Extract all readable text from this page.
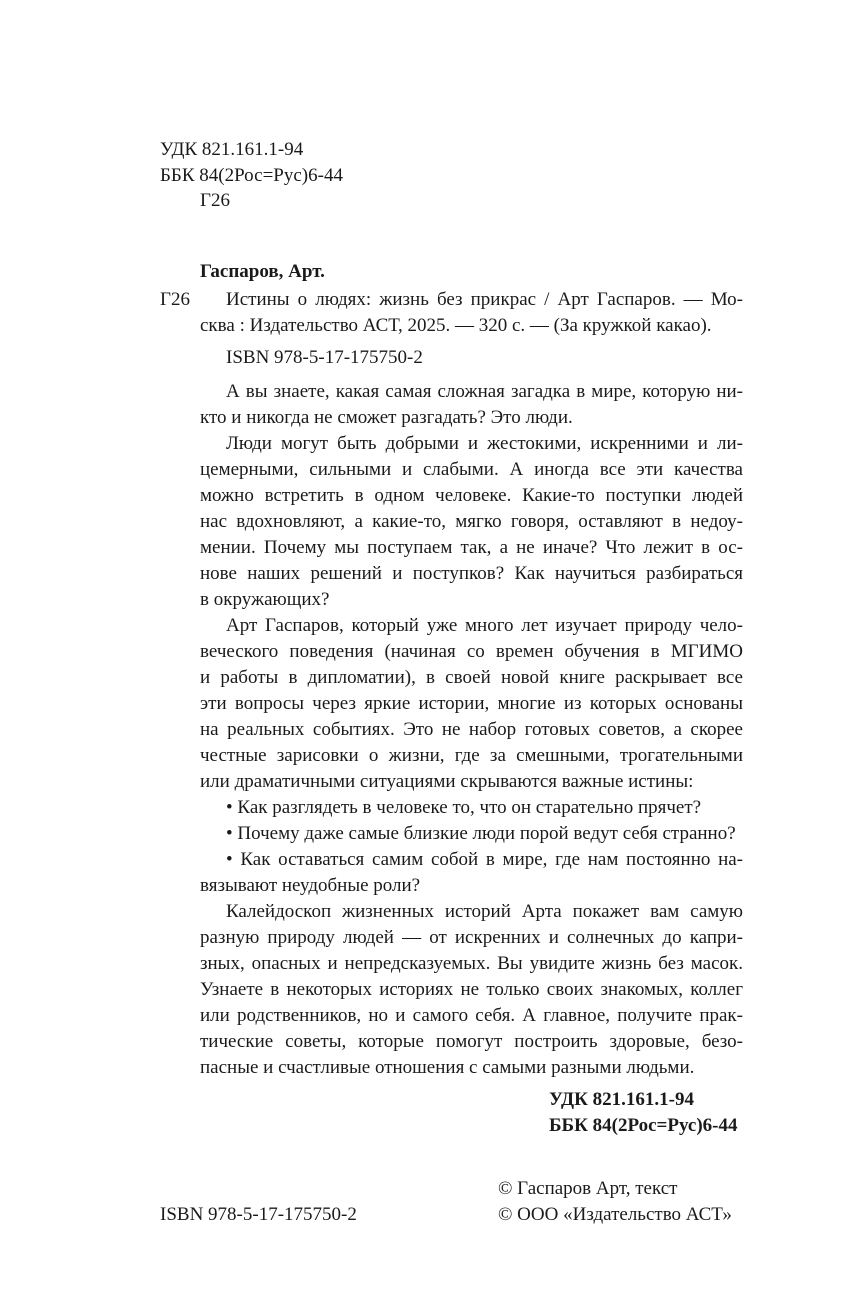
УДК 821.161.1-94
ББК 84(2Рос=Рус)6-44
Г26
Гаспаров, Арт.
Г26	Истины о людях: жизнь без прикрас / Арт Гаспаров. — Мо-
сква : Издательство АСТ, 2025. — 320 с. — (За кружкой какао).
ISBN 978-5-17-175750-2
А вы знаете, какая самая сложная загадка в мире, которую ни-
кто и никогда не сможет разгадать? Это люди.
Люди могут быть добрыми и жестокими, искренними и ли-
цемерными, сильными и слабыми. А иногда все эти качества
можно встретить в одном человеке. Какие-то поступки людей
нас вдохновляют, а какие-то, мягко говоря, оставляют в недоу-
мении. Почему мы поступаем так, а не иначе? Что лежит в ос-
нове наших решений и поступков? Как научиться разбираться
в окружающих?
Арт Гаспаров, который уже много лет изучает природу чело-
веческого поведения (начиная со времен обучения в МГИМО
и работы в дипломатии), в своей новой книге раскрывает все
эти вопросы через яркие истории, многие из которых основаны
на реальных событиях. Это не набор готовых советов, а скорее
честные зарисовки о жизни, где за смешными, трогательными
или драматичными ситуациями скрываются важные истины:
• Как разглядеть в человеке то, что он старательно прячет?
• Почему даже самые близкие люди порой ведут себя странно?
• Как оставаться самим собой в мире, где нам постоянно на-
вязывают неудобные роли?
Калейдоскоп жизненных историй Арта покажет вам самую
разную природу людей — от искренних и солнечных до капри-
зных, опасных и непредсказуемых. Вы увидите жизнь без масок.
Узнаете в некоторых историях не только своих знакомых, коллег
или родственников, но и самого себя. А главное, получите прак-
тические советы, которые помогут построить здоровые, безо-
пасные и счастливые отношения с самыми разными людьми.
УДК 821.161.1-94
ББК 84(2Рос=Рус)6-44
© Гаспаров Арт, текст
ISBN 978-5-17-175750-2	© ООО «Издательство АСТ»
